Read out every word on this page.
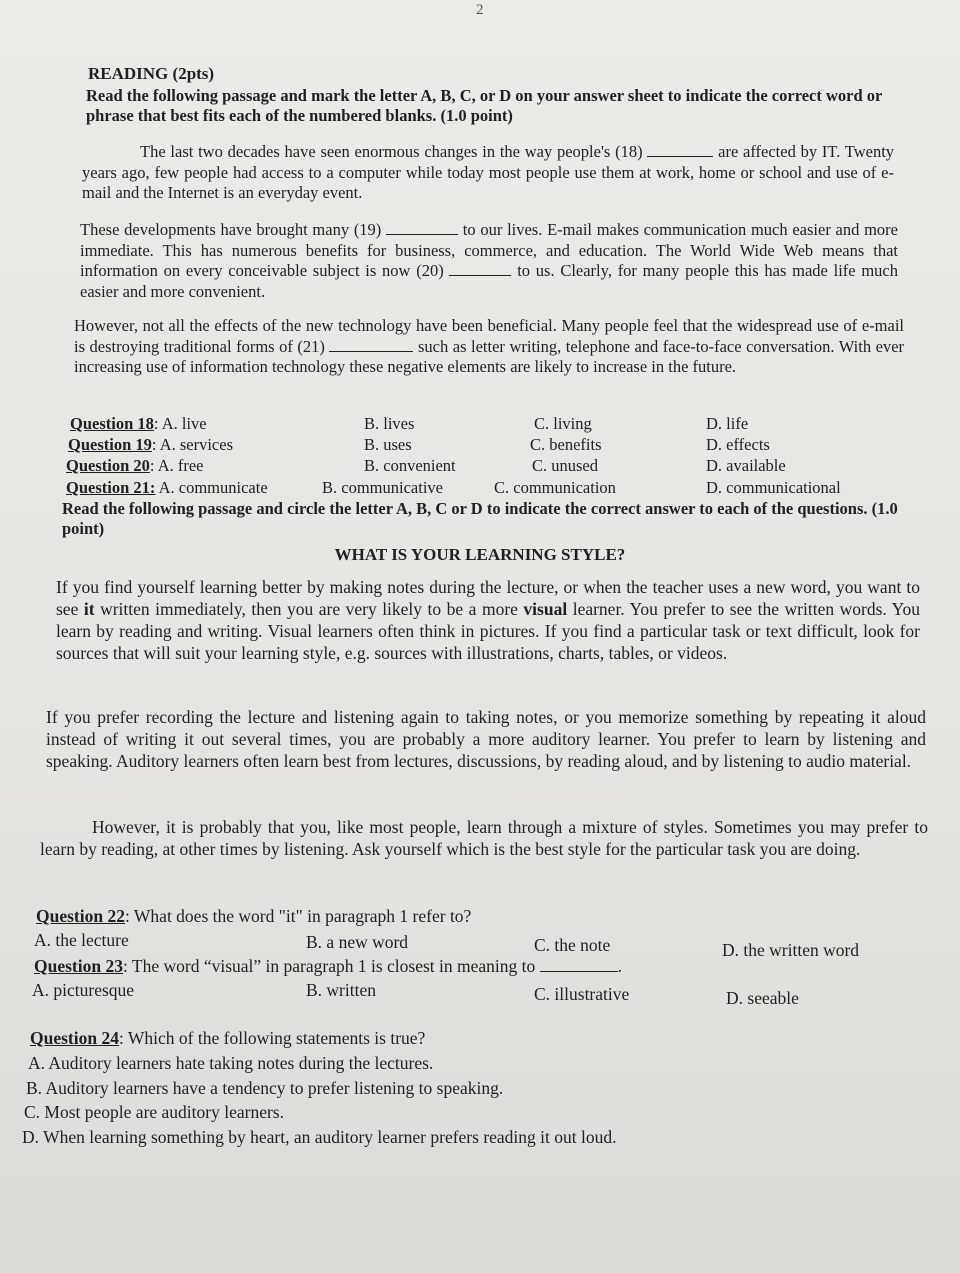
2
READING (2pts)
Read the following passage and mark the letter A, B, C, or D on your answer sheet to indicate the correct word or phrase that best fits each of the numbered blanks. (1.0 point)
The last two decades have seen enormous changes in the way people's (18)	are affected by IT. Twenty years ago, few people had access to a computer while today most people use them at work, home or school and use of e-mail and the Internet is an everyday event.
These developments have brought many (19)	to our lives. E-mail makes communication much easier and more immediate. This has numerous benefits for business, commerce, and education. The World Wide Web means that information on every conceivable subject is now (20)	to us. Clearly, for many people this has made life much easier and more convenient.
However, not all the effects of the new technology have been beneficial. Many people feel that the widespread use of e-mail is destroying traditional forms of (21)	such as letter writing, telephone and face-to-face conversation. With ever increasing use of information technology these negative elements are likely to increase in the future.
Question 18: A. live	B. lives	C. living	D. life
Question 19: A. services	B. uses	C. benefits	D. effects
Question 20: A. free	B. convenient	C. unused	D. available
Question 21: A. communicate	B. communicative	C. communication	D. communicational
Read the following passage and circle the letter A, B, C or D to indicate the correct answer to each of the questions. (1.0 point)
WHAT IS YOUR LEARNING STYLE?
If you find yourself learning better by making notes during the lecture, or when the teacher uses a new word, you want to see it written immediately, then you are very likely to be a more visual learner. You prefer to see the written words. You learn by reading and writing. Visual learners often think in pictures. If you find a particular task or text difficult, look for sources that will suit your learning style, e.g. sources with illustrations, charts, tables, or videos.
If you prefer recording the lecture and listening again to taking notes, or you memorize something by repeating it aloud instead of writing it out several times, you are probably a more auditory learner. You prefer to learn by listening and speaking. Auditory learners often learn best from lectures, discussions, by reading aloud, and by listening to audio material.
However, it is probably that you, like most people, learn through a mixture of styles. Sometimes you may prefer to learn by reading, at other times by listening. Ask yourself which is the best style for the particular task you are doing.
Question 22: What does the word "it" in paragraph 1 refer to?
A. the lecture	B. a new word	C. the note	D. the written word
Question 23: The word “visual” in paragraph 1 is closest in meaning to	.
A. picturesque	B. written	C. illustrative	D. seeable
Question 24: Which of the following statements is true?
A. Auditory learners hate taking notes during the lectures.
B. Auditory learners have a tendency to prefer listening to speaking.
C. Most people are auditory learners.
D. When learning something by heart, an auditory learner prefers reading it out loud.
